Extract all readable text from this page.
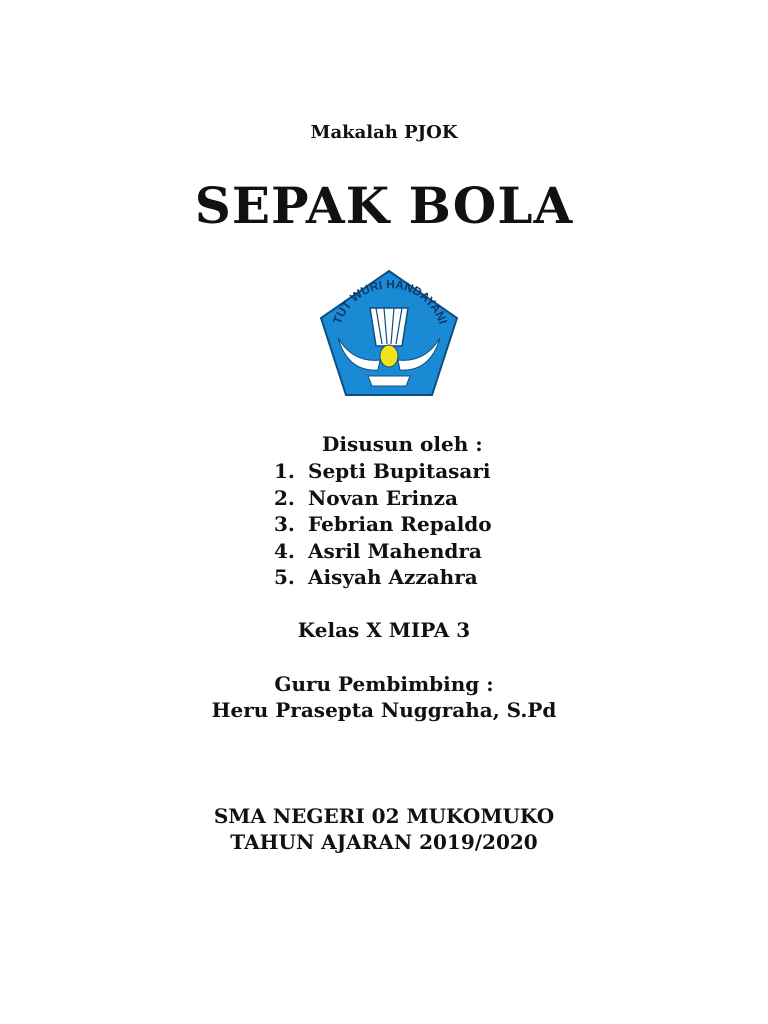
Makalah PJOK
SEPAK BOLA
TUT WURI HANDAYANI
Disusun oleh :
1. Septi Bupitasari
2. Novan Erinza
3. Febrian Repaldo
4. Asril Mahendra
5. Aisyah Azzahra
Kelas X MIPA 3
Guru Pembimbing :
Heru Prasepta Nuggraha, S.Pd
SMA NEGERI 02 MUKOMUKO
TAHUN AJARAN 2019/2020
